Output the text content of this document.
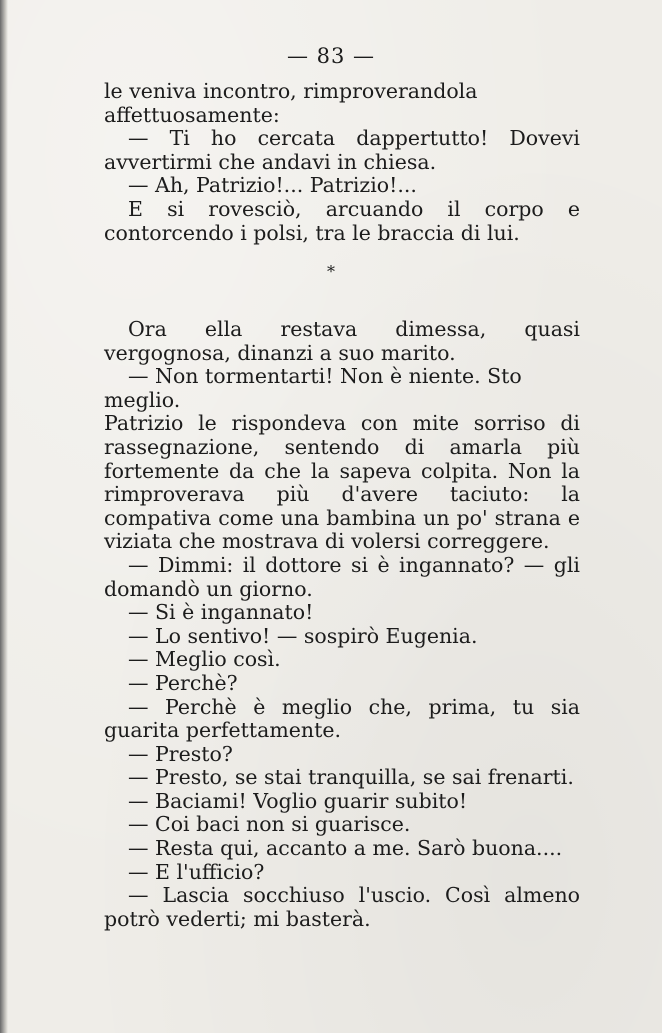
— 83 —

le veniva incontro, rimproverandola affettuosamente:

— Ti ho cercata dappertutto! Dovevi avvertirmi che andavi in chiesa.

— Ah, Patrizio!... Patrizio!...

E si rovesciò, arcuando il corpo e contorcendo i polsi, tra le braccia di lui.

*

Ora ella restava dimessa, quasi vergognosa, dinanzi a suo marito.

— Non tormentarti! Non è niente. Sto meglio.

Patrizio le rispondeva con mite sorriso di rassegnazione, sentendo di amarla più fortemente da che la sapeva colpita. Non la rimproverava più d'avere taciuto: la compativa come una bambina un po' strana e viziata che mostrava di volersi correggere.

— Dimmi: il dottore si è ingannato? — gli domandò un giorno.

— Si è ingannato!

— Lo sentivo! — sospirò Eugenia.

— Meglio così.

— Perchè?

— Perchè è meglio che, prima, tu sia guarita perfettamente.

— Presto?

— Presto, se stai tranquilla, se sai frenarti.

— Baciami! Voglio guarir subito!

— Coi baci non si guarisce.

— Resta qui, accanto a me. Sarò buona....

— E l'ufficio?

— Lascia socchiuso l'uscio. Così almeno potrò vederti; mi basterà.
